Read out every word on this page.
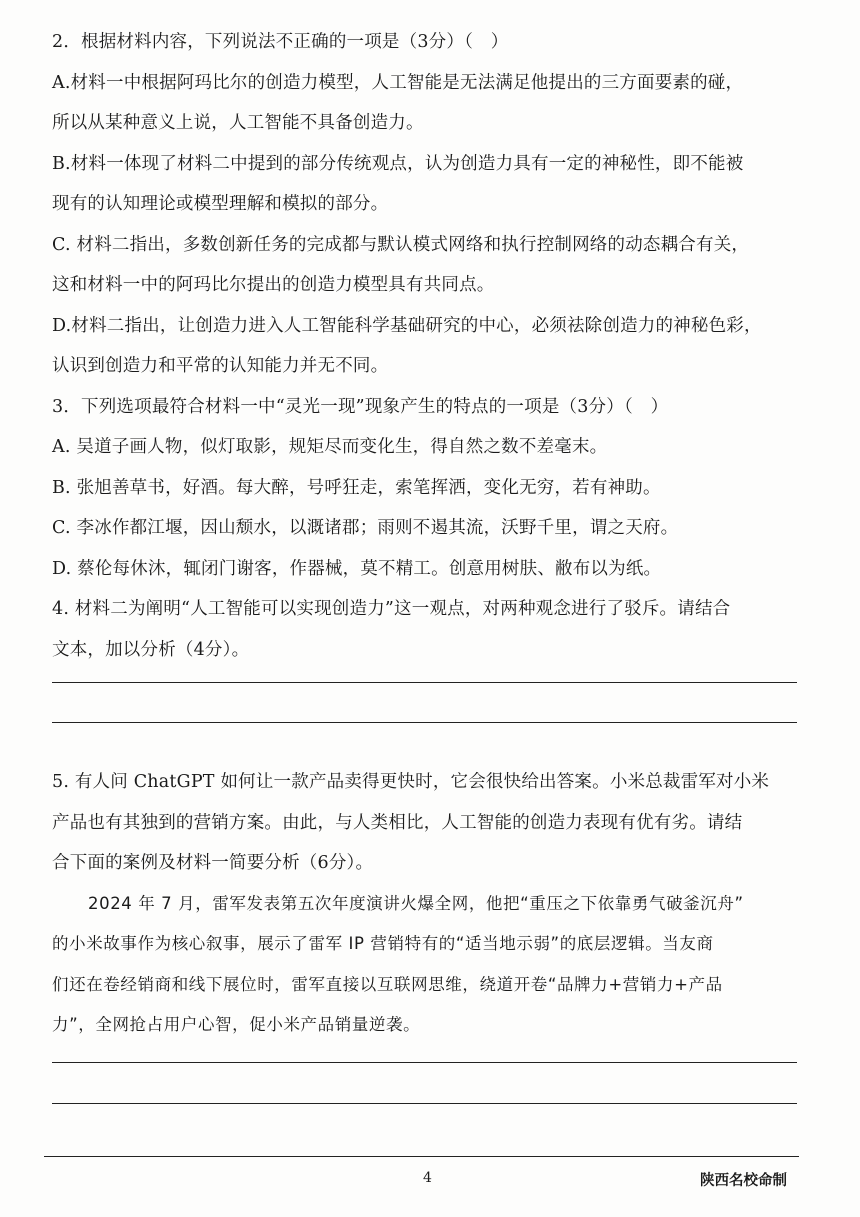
2．根据材料内容，下列说法不正确的一项是（3分）（　）
A.材料一中根据阿玛比尔的创造力模型，人工智能是无法满足他提出的三方面要素的碰，
所以从某种意义上说，人工智能不具备创造力。
B.材料一体现了材料二中提到的部分传统观点，认为创造力具有一定的神秘性，即不能被
现有的认知理论或模型理解和模拟的部分。
C. 材料二指出，多数创新任务的完成都与默认模式网络和执行控制网络的动态耦合有关，
这和材料一中的阿玛比尔提出的创造力模型具有共同点。
D.材料二指出，让创造力进入人工智能科学基础研究的中心，必须祛除创造力的神秘色彩，
认识到创造力和平常的认知能力并无不同。
3．下列选项最符合材料一中“灵光一现”现象产生的特点的一项是（3分）（　）
A. 吴道子画人物，似灯取影，规矩尽而变化生，得自然之数不差毫末。
B. 张旭善草书，好酒。每大醉，号呼狂走，索笔挥洒，变化无穷，若有神助。
C. 李冰作都江堰，因山颓水，以溉诸郡；雨则不遏其流，沃野千里，谓之天府。
D. 蔡伦每休沐，辄闭门谢客，作器械，莫不精工。创意用树肤、敝布以为纸。
4. 材料二为阐明“人工智能可以实现创造力”这一观点，对两种观念进行了驳斥。请结合
文本，加以分析（4分）。
5. 有人问 ChatGPT 如何让一款产品卖得更快时，它会很快给出答案。小米总裁雷军对小米
产品也有其独到的营销方案。由此，与人类相比，人工智能的创造力表现有优有劣。请结
合下面的案例及材料一简要分析（6分）。
2024 年 7 月，雷军发表第五次年度演讲火爆全网，他把“重压之下依靠勇气破釜沉舟”
的小米故事作为核心叙事，展示了雷军 IP 营销特有的“适当地示弱”的底层逻辑。当友商
们还在卷经销商和线下展位时，雷军直接以互联网思维，绕道开卷“品牌力+营销力+产品
力”，全网抢占用户心智，促小米产品销量逆袭。
4	陕西名校命制
